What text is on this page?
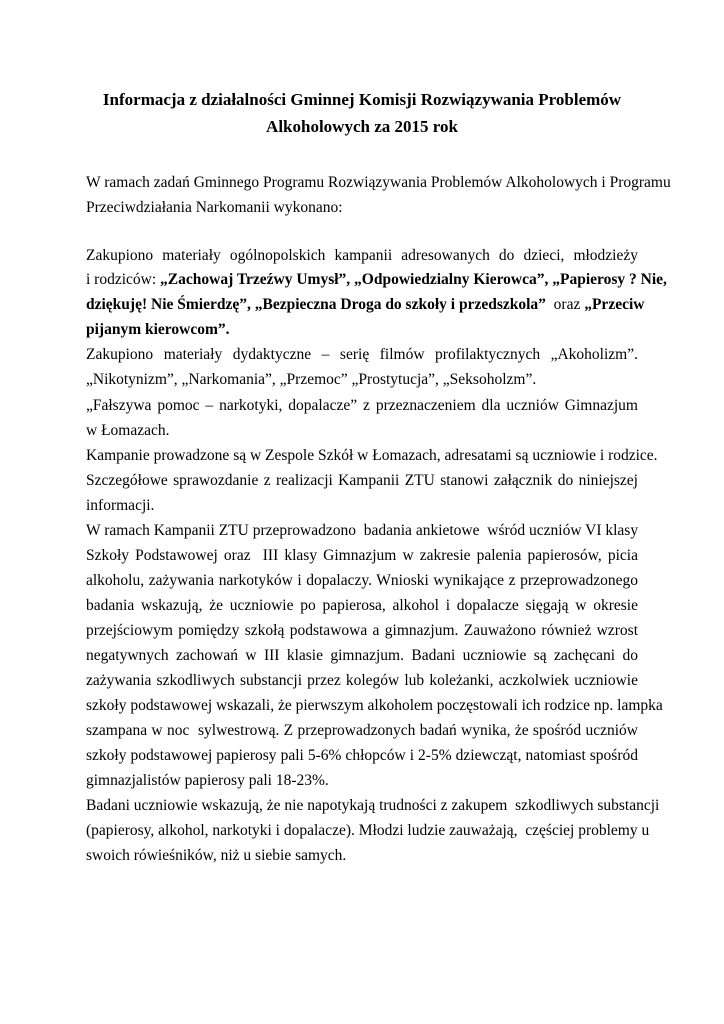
Informacja z działalności Gminnej Komisji Rozwiązywania Problemów
Alkoholowych za 2015 rok
W ramach zadań Gminnego Programu Rozwiązywania Problemów Alkoholowych i Programu
Przeciwdziałania Narkomanii wykonano:
Zakupiono materiały ogólnopolskich kampanii adresowanych do dzieci, młodzieży
i rodziców: „Zachowaj Trzeźwy Umysł”, „Odpowiedzialny Kierowca”, „Papierosy ? Nie,
dziękuję! Nie Śmierdzę”, „Bezpieczna Droga do szkoły i przedszkola”  oraz „Przeciw
pijanym kierowcom”.
Zakupiono materiały dydaktyczne – serię filmów profilaktycznych „Akoholizm”.
„Nikotynizm”, „Narkomania”, „Przemoc” „Prostytucja”, „Seksoholzm”.
„Fałszywa pomoc – narkotyki, dopalacze” z przeznaczeniem dla uczniów Gimnazjum
w Łomazach.
Kampanie prowadzone są w Zespole Szkół w Łomazach, adresatami są uczniowie i rodzice.
Szczegółowe sprawozdanie z realizacji Kampanii ZTU stanowi załącznik do niniejszej
informacji.
W ramach Kampanii ZTU przeprowadzono  badania ankietowe  wśród uczniów VI klasy
Szkoły Podstawowej oraz  III klasy Gimnazjum w zakresie palenia papierosów, picia
alkoholu, zażywania narkotyków i dopalaczy. Wnioski wynikające z przeprowadzonego
badania wskazują, że uczniowie po papierosa, alkohol i dopalacze sięgają w okresie
przejściowym pomiędzy szkołą podstawowa a gimnazjum. Zauważono również wzrost
negatywnych zachowań w III klasie gimnazjum. Badani uczniowie są zachęcani do
zażywania szkodliwych substancji przez kolegów lub koleżanki, aczkolwiek uczniowie
szkoły podstawowej wskazali, że pierwszym alkoholem poczęstowali ich rodzice np. lampka
szampana w noc  sylwestrową. Z przeprowadzonych badań wynika, że spośród uczniów
szkoły podstawowej papierosy pali 5-6% chłopców i 2-5% dziewcząt, natomiast spośród
gimnazjalistów papierosy pali 18-23%.
Badani uczniowie wskazują, że nie napotykają trudności z zakupem  szkodliwych substancji
(papierosy, alkohol, narkotyki i dopalacze). Młodzi ludzie zauważają,  częściej problemy u
swoich rówieśników, niż u siebie samych.
